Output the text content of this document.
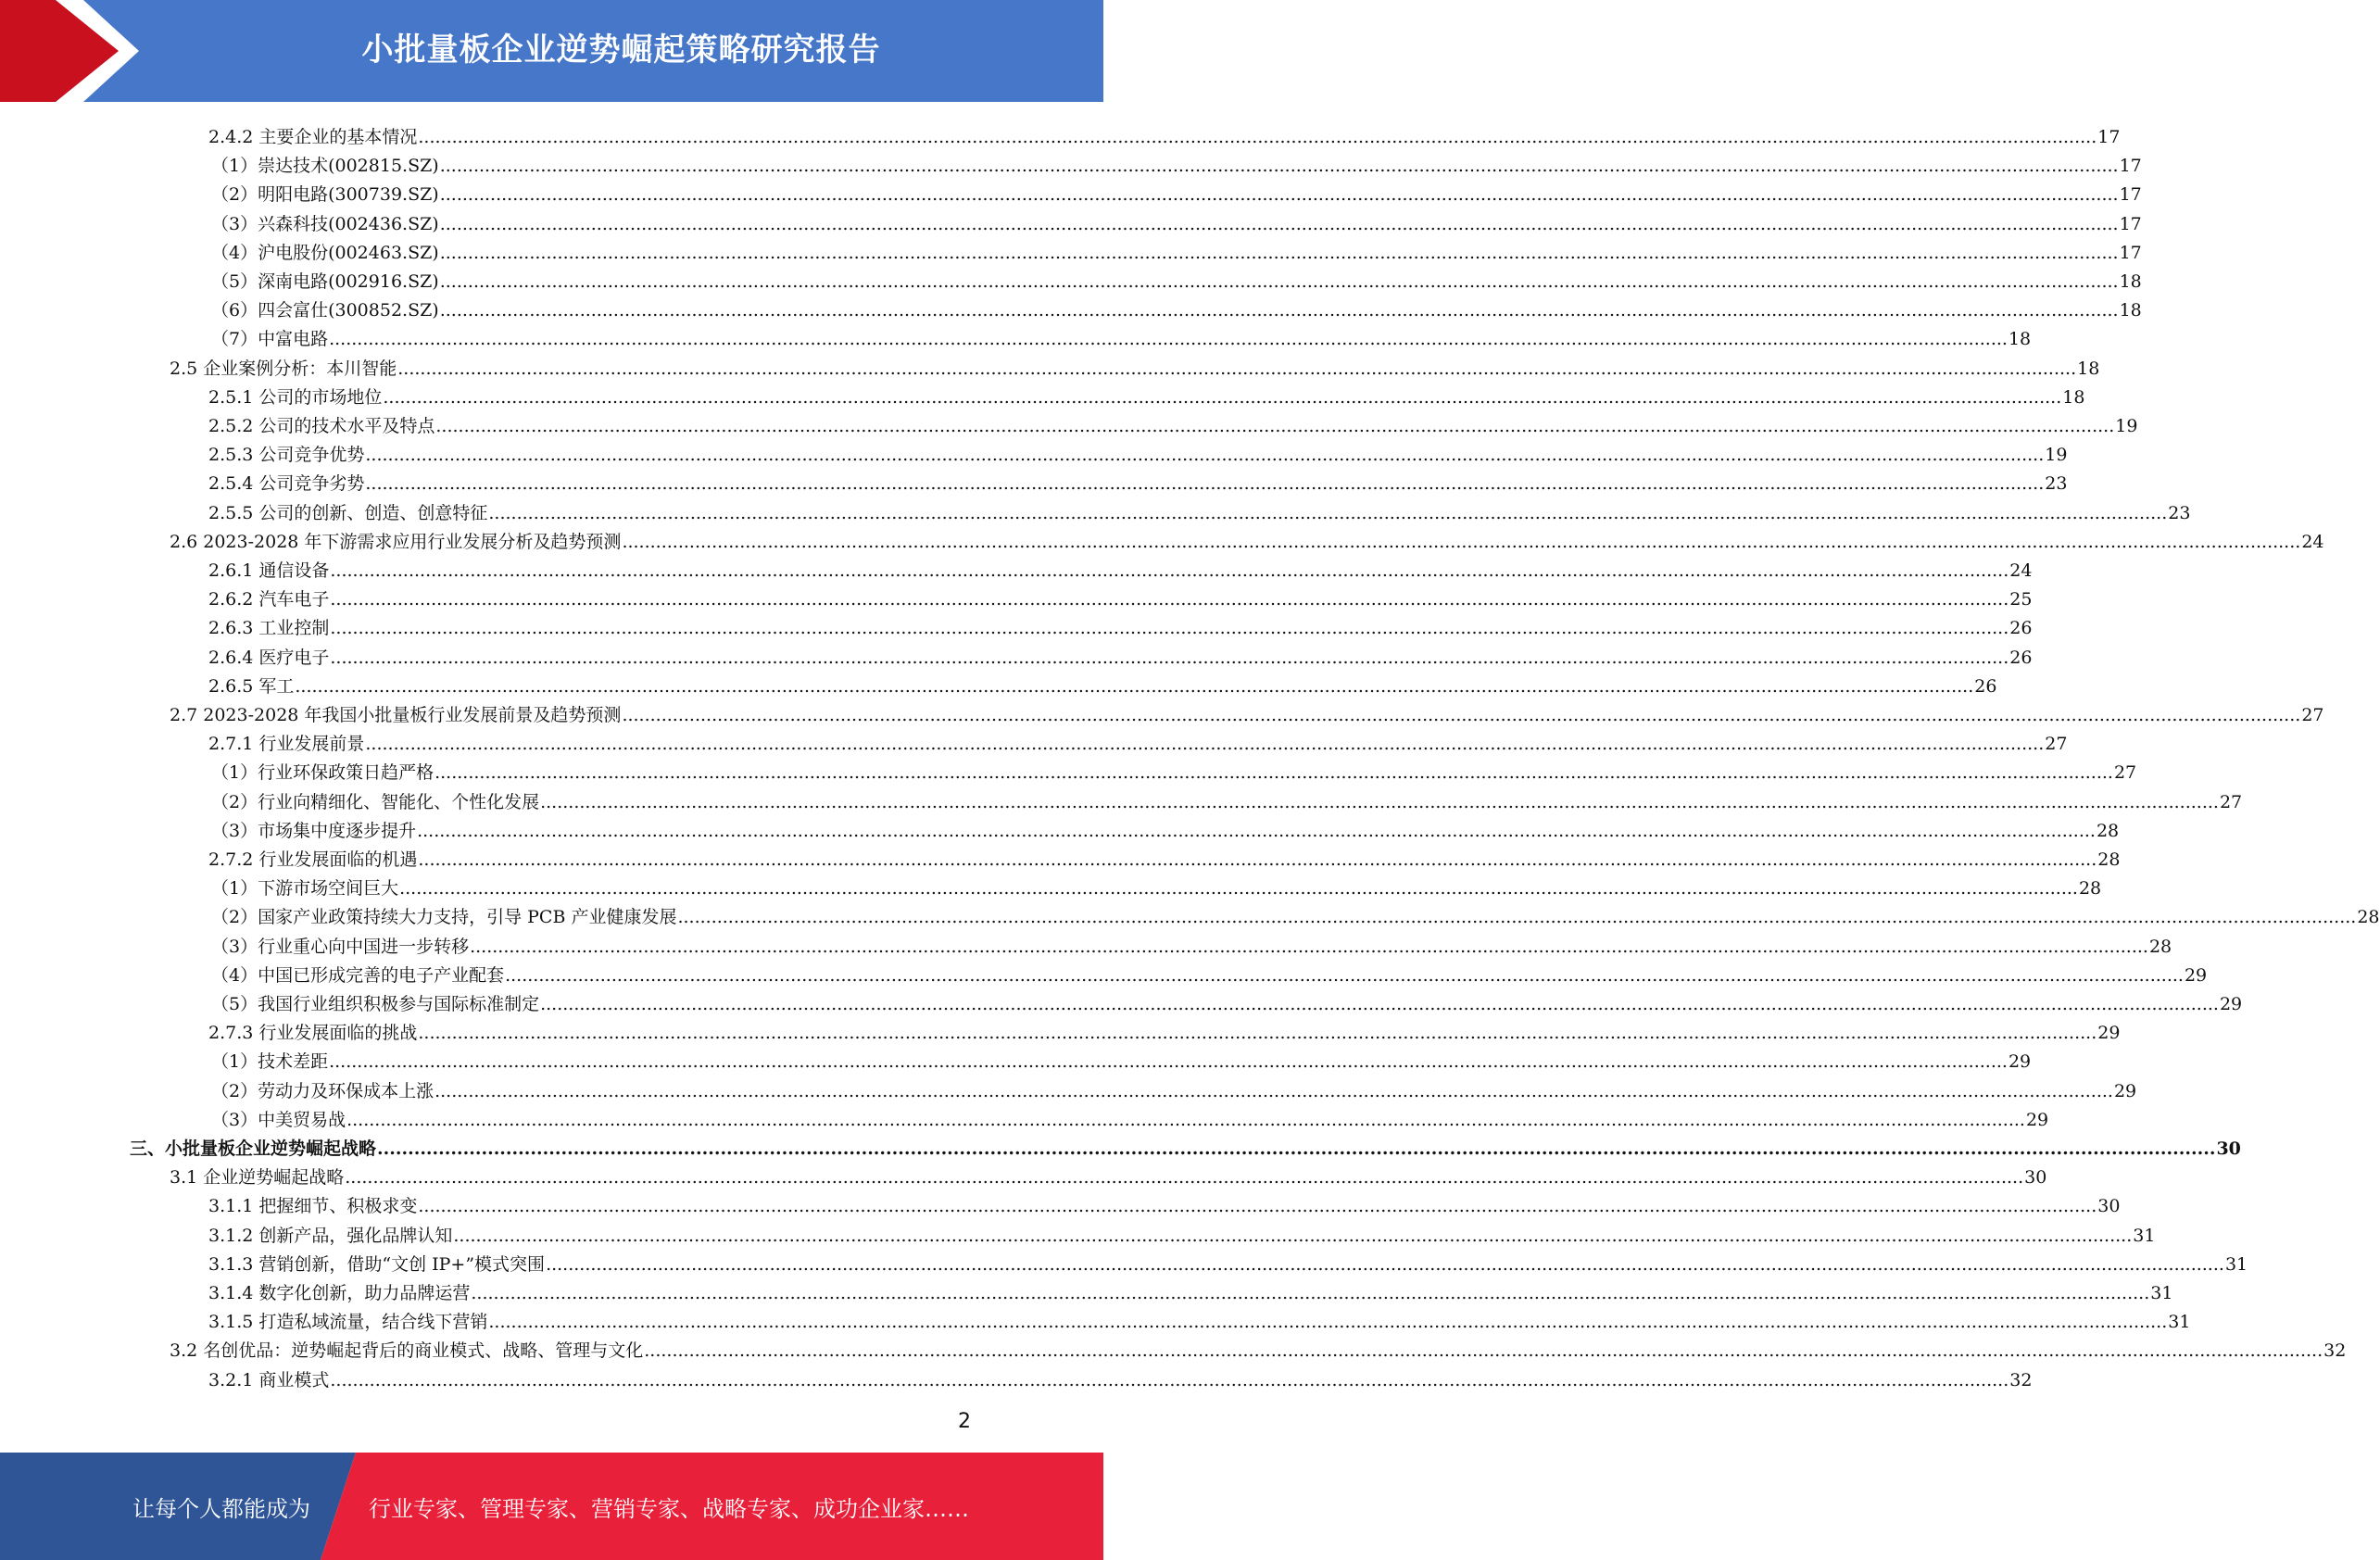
小批量板企业逆势崛起策略研究报告
2.4.2 主要企业的基本情况 ............................................................................................................................................................................................................................................................................................................ 17
（1）崇达技术(002815.SZ) ............................................................................................................................................................................................................................................................................................................ 17
（2）明阳电路(300739.SZ) ............................................................................................................................................................................................................................................................................................................ 17
（3）兴森科技(002436.SZ) ............................................................................................................................................................................................................................................................................................................ 17
（4）沪电股份(002463.SZ) ............................................................................................................................................................................................................................................................................................................ 17
（5）深南电路(002916.SZ) ............................................................................................................................................................................................................................................................................................................ 18
（6）四会富仕(300852.SZ) ............................................................................................................................................................................................................................................................................................................ 18
（7）中富电路 ............................................................................................................................................................................................................................................................................................................ 18
2.5 企业案例分析：本川智能 ............................................................................................................................................................................................................................................................................................................ 18
2.5.1 公司的市场地位 ............................................................................................................................................................................................................................................................................................................ 18
2.5.2 公司的技术水平及特点 ............................................................................................................................................................................................................................................................................................................ 19
2.5.3 公司竞争优势 ............................................................................................................................................................................................................................................................................................................ 19
2.5.4 公司竞争劣势 ............................................................................................................................................................................................................................................................................................................ 23
2.5.5 公司的创新、创造、创意特征 ............................................................................................................................................................................................................................................................................................................ 23
2.6 2023-2028 年下游需求应用行业发展分析及趋势预测 ............................................................................................................................................................................................................................................................................................................ 24
2.6.1 通信设备 ............................................................................................................................................................................................................................................................................................................ 24
2.6.2 汽车电子 ............................................................................................................................................................................................................................................................................................................ 25
2.6.3 工业控制 ............................................................................................................................................................................................................................................................................................................ 26
2.6.4 医疗电子 ............................................................................................................................................................................................................................................................................................................ 26
2.6.5 军工 ............................................................................................................................................................................................................................................................................................................ 26
2.7 2023-2028 年我国小批量板行业发展前景及趋势预测 ............................................................................................................................................................................................................................................................................................................ 27
2.7.1 行业发展前景 ............................................................................................................................................................................................................................................................................................................ 27
（1）行业环保政策日趋严格 ............................................................................................................................................................................................................................................................................................................ 27
（2）行业向精细化、智能化、个性化发展 ............................................................................................................................................................................................................................................................................................................ 27
（3）市场集中度逐步提升 ............................................................................................................................................................................................................................................................................................................ 28
2.7.2 行业发展面临的机遇 ............................................................................................................................................................................................................................................................................................................ 28
（1）下游市场空间巨大 ............................................................................................................................................................................................................................................................................................................ 28
（2）国家产业政策持续大力支持，引导 PCB 产业健康发展 ............................................................................................................................................................................................................................................................................................................ 28
（3）行业重心向中国进一步转移 ............................................................................................................................................................................................................................................................................................................ 28
（4）中国已形成完善的电子产业配套 ............................................................................................................................................................................................................................................................................................................ 29
（5）我国行业组织积极参与国际标准制定 ............................................................................................................................................................................................................................................................................................................ 29
2.7.3 行业发展面临的挑战 ............................................................................................................................................................................................................................................................................................................ 29
（1）技术差距 ............................................................................................................................................................................................................................................................................................................ 29
（2）劳动力及环保成本上涨 ............................................................................................................................................................................................................................................................................................................ 29
（3）中美贸易战 ............................................................................................................................................................................................................................................................................................................ 29
三、小批量板企业逆势崛起战略 ............................................................................................................................................................................................................................................................................................................ 30
3.1 企业逆势崛起战略 ............................................................................................................................................................................................................................................................................................................ 30
3.1.1 把握细节、积极求变 ............................................................................................................................................................................................................................................................................................................ 30
3.1.2 创新产品，强化品牌认知 ............................................................................................................................................................................................................................................................................................................ 31
3.1.3 营销创新，借助“文创 IP+”模式突围 ............................................................................................................................................................................................................................................................................................................ 31
3.1.4 数字化创新，助力品牌运营 ............................................................................................................................................................................................................................................................................................................ 31
3.1.5 打造私域流量，结合线下营销 ............................................................................................................................................................................................................................................................................................................ 31
3.2 名创优品：逆势崛起背后的商业模式、战略、管理与文化 ............................................................................................................................................................................................................................................................................................................ 32
3.2.1 商业模式 ............................................................................................................................................................................................................................................................................................................ 32
2
让每个人都能成为	行业专家、管理专家、营销专家、战略专家、成功企业家……
